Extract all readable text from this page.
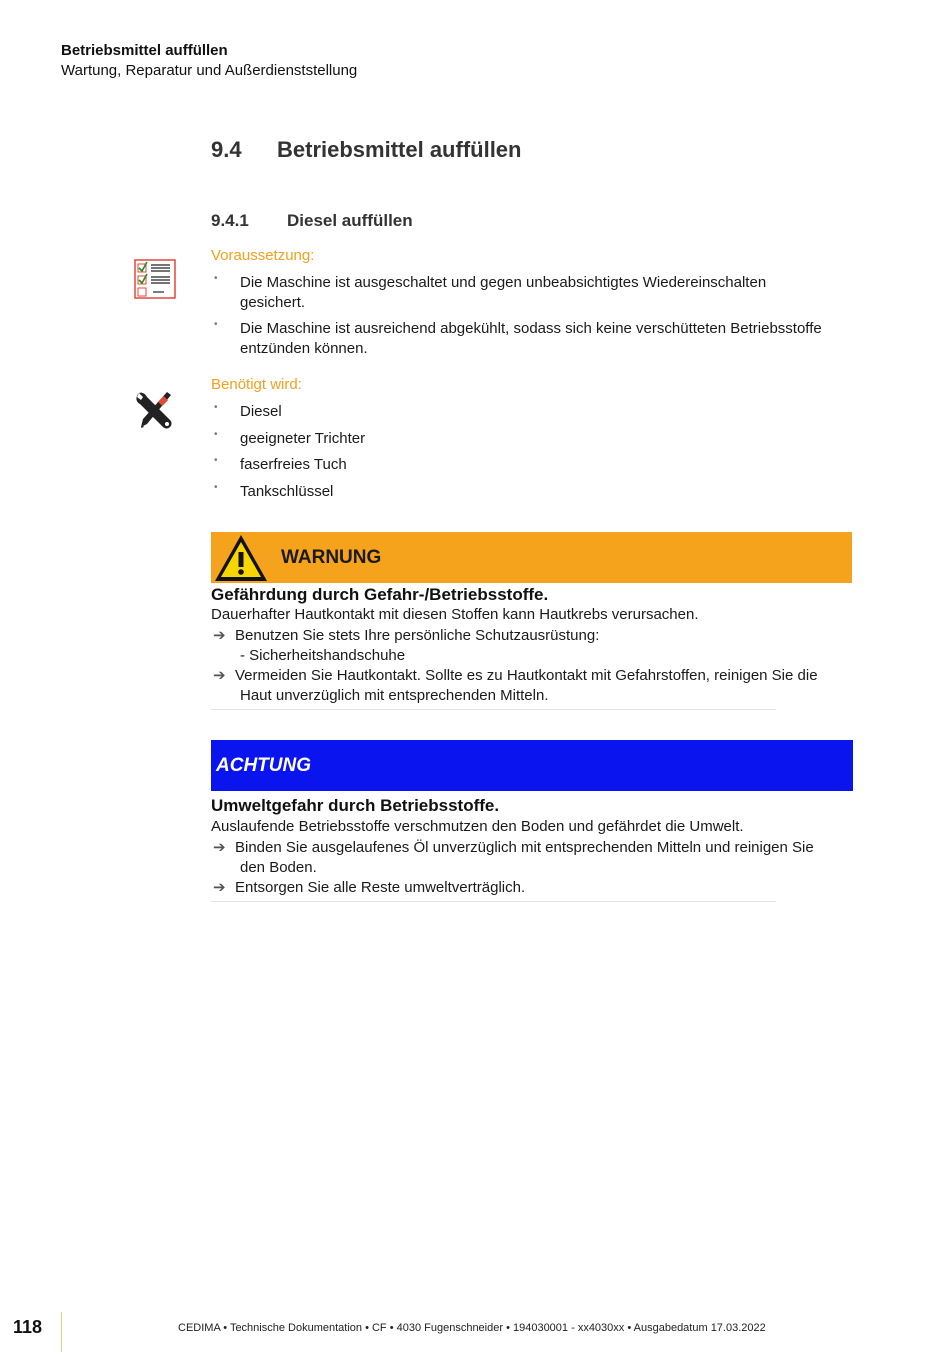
Betriebsmittel auffüllen
Wartung, Reparatur und Außerdienststellung
9.4 Betriebsmittel auffüllen
9.4.1 Diesel auffüllen
Voraussetzung:
• Die Maschine ist ausgeschaltet und gegen unbeabsichtigtes Wiedereinschalten
gesichert.
• Die Maschine ist ausreichend abgekühlt, sodass sich keine verschütteten Betriebsstoffe
entzünden können.
Benötigt wird:
• Diesel
• geeigneter Trichter
• faserfreies Tuch
• Tankschlüssel
WARNUNG
Gefährdung durch Gefahr-/Betriebsstoffe.
Dauerhafter Hautkontakt mit diesen Stoffen kann Hautkrebs verursachen.
➔ Benutzen Sie stets Ihre persönliche Schutzausrüstung:
- Sicherheitshandschuhe
➔ Vermeiden Sie Hautkontakt. Sollte es zu Hautkontakt mit Gefahrstoffen, reinigen Sie die
Haut unverzüglich mit entsprechenden Mitteln.
ACHTUNG
Umweltgefahr durch Betriebsstoffe.
Auslaufende Betriebsstoffe verschmutzen den Boden und gefährdet die Umwelt.
➔ Binden Sie ausgelaufenes Öl unverzüglich mit entsprechenden Mitteln und reinigen Sie
den Boden.
➔ Entsorgen Sie alle Reste umweltverträglich.
118	CEDIMA • Technische Dokumentation • CF • 4030 Fugenschneider • 194030001 - xx4030xx • Ausgabedatum 17.03.2022
